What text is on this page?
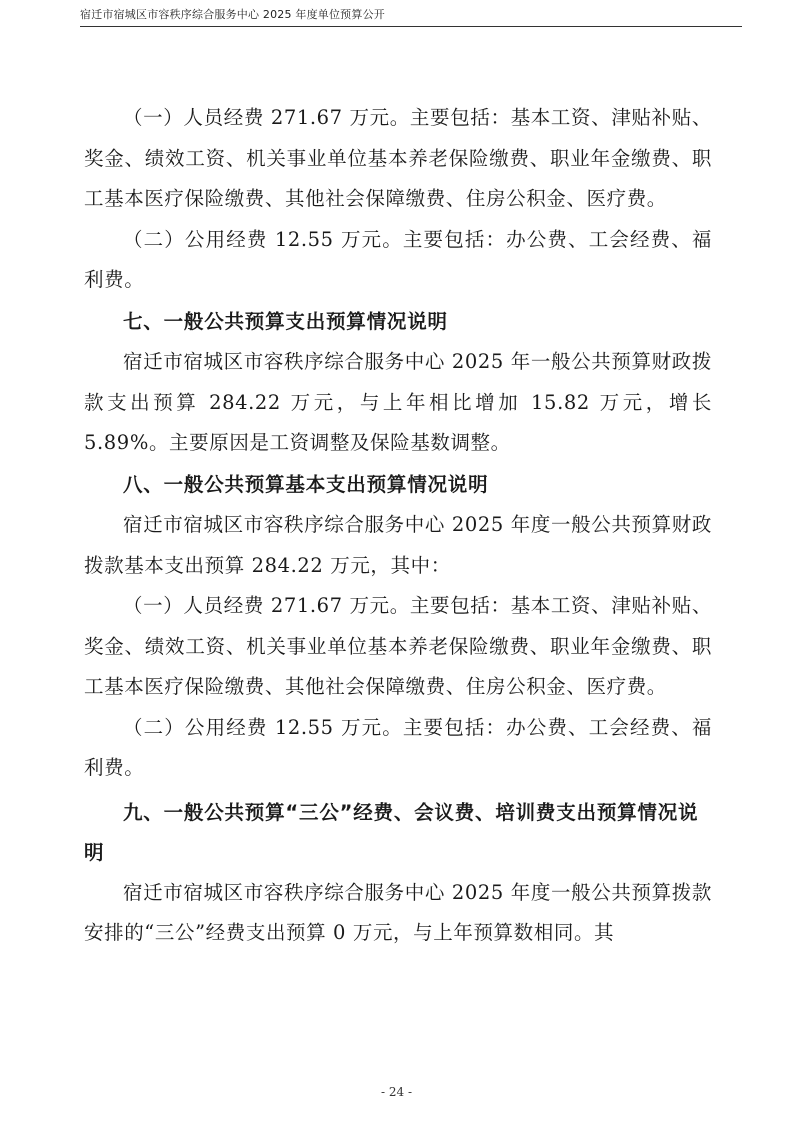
宿迁市宿城区市容秩序综合服务中心 2025 年度单位预算公开

（一）人员经费 271.67 万元。主要包括：基本工资、津贴补贴、奖金、绩效工资、机关事业单位基本养老保险缴费、职业年金缴费、职工基本医疗保险缴费、其他社会保障缴费、住房公积金、医疗费。

（二）公用经费 12.55 万元。主要包括：办公费、工会经费、福利费。

七、一般公共预算支出预算情况说明

宿迁市宿城区市容秩序综合服务中心 2025 年一般公共预算财政拨款支出预算 284.22 万元，与上年相比增加 15.82 万元，增长 5.89%。主要原因是工资调整及保险基数调整。

八、一般公共预算基本支出预算情况说明

宿迁市宿城区市容秩序综合服务中心 2025 年度一般公共预算财政拨款基本支出预算 284.22 万元，其中：

（一）人员经费 271.67 万元。主要包括：基本工资、津贴补贴、奖金、绩效工资、机关事业单位基本养老保险缴费、职业年金缴费、职工基本医疗保险缴费、其他社会保障缴费、住房公积金、医疗费。

（二）公用经费 12.55 万元。主要包括：办公费、工会经费、福利费。

九、一般公共预算“三公”经费、会议费、培训费支出预算情况说明

宿迁市宿城区市容秩序综合服务中心 2025 年度一般公共预算拨款安排的“三公”经费支出预算 0 万元，与上年预算数相同。其

- 24 -
